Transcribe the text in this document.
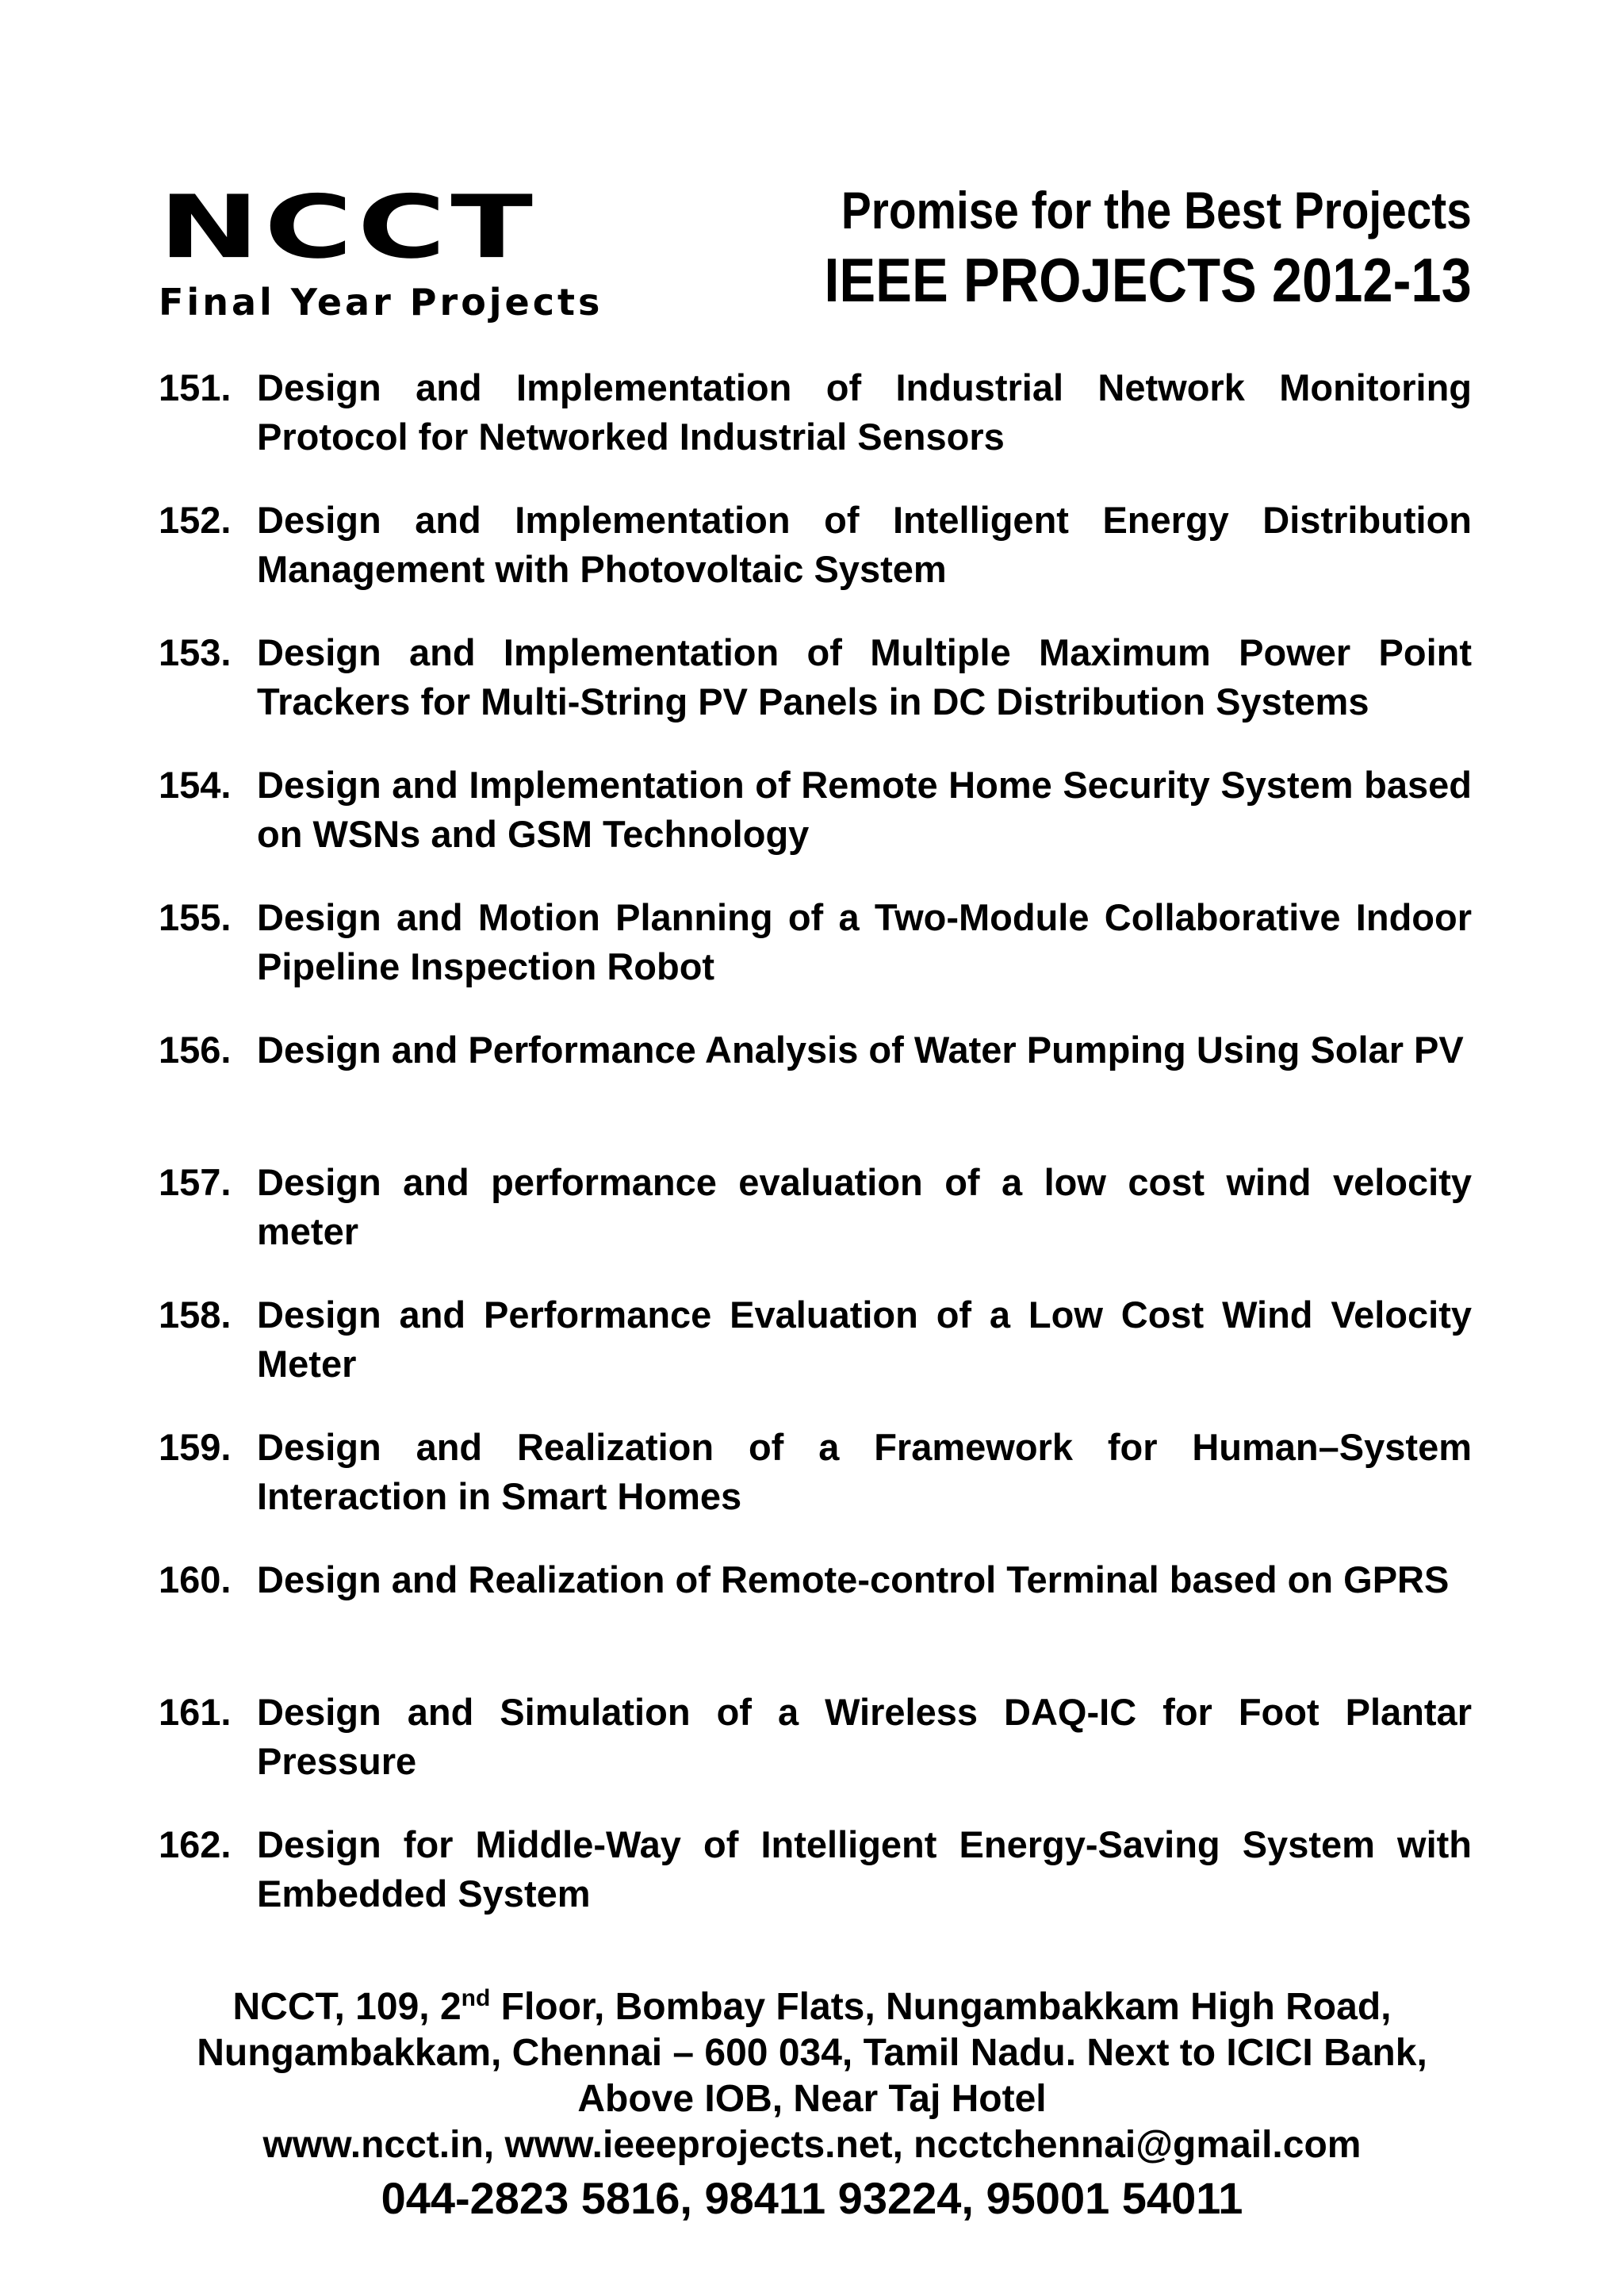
NCCT
Final Year Projects
Promise for the Best Projects
IEEE PROJECTS 2012-13
151. Design and Implementation of Industrial Network Monitoring Protocol for Networked Industrial Sensors
152. Design and Implementation of Intelligent Energy Distribution Management with Photovoltaic System
153. Design and Implementation of Multiple Maximum Power Point Trackers for Multi-String PV Panels in DC Distribution Systems
154. Design and Implementation of Remote Home Security System based on WSNs and GSM Technology
155. Design and Motion Planning of a Two-Module Collaborative Indoor Pipeline Inspection Robot
156. Design and Performance Analysis of Water Pumping Using Solar PV
157. Design and performance evaluation of a low cost wind velocity meter
158. Design and Performance Evaluation of a Low Cost Wind Velocity Meter
159. Design and Realization of a Framework for Human–System Interaction in Smart Homes
160. Design and Realization of Remote-control Terminal based on GPRS
161. Design and Simulation of a Wireless DAQ-IC for Foot Plantar Pressure
162. Design for Middle-Way of Intelligent Energy-Saving System with Embedded System
NCCT, 109, 2nd Floor, Bombay Flats, Nungambakkam High Road, Nungambakkam, Chennai – 600 034, Tamil Nadu. Next to ICICI Bank, Above IOB, Near Taj Hotel
www.ncct.in, www.ieeeprojects.net, ncctchennai@gmail.com
044-2823 5816, 98411 93224, 95001 54011
